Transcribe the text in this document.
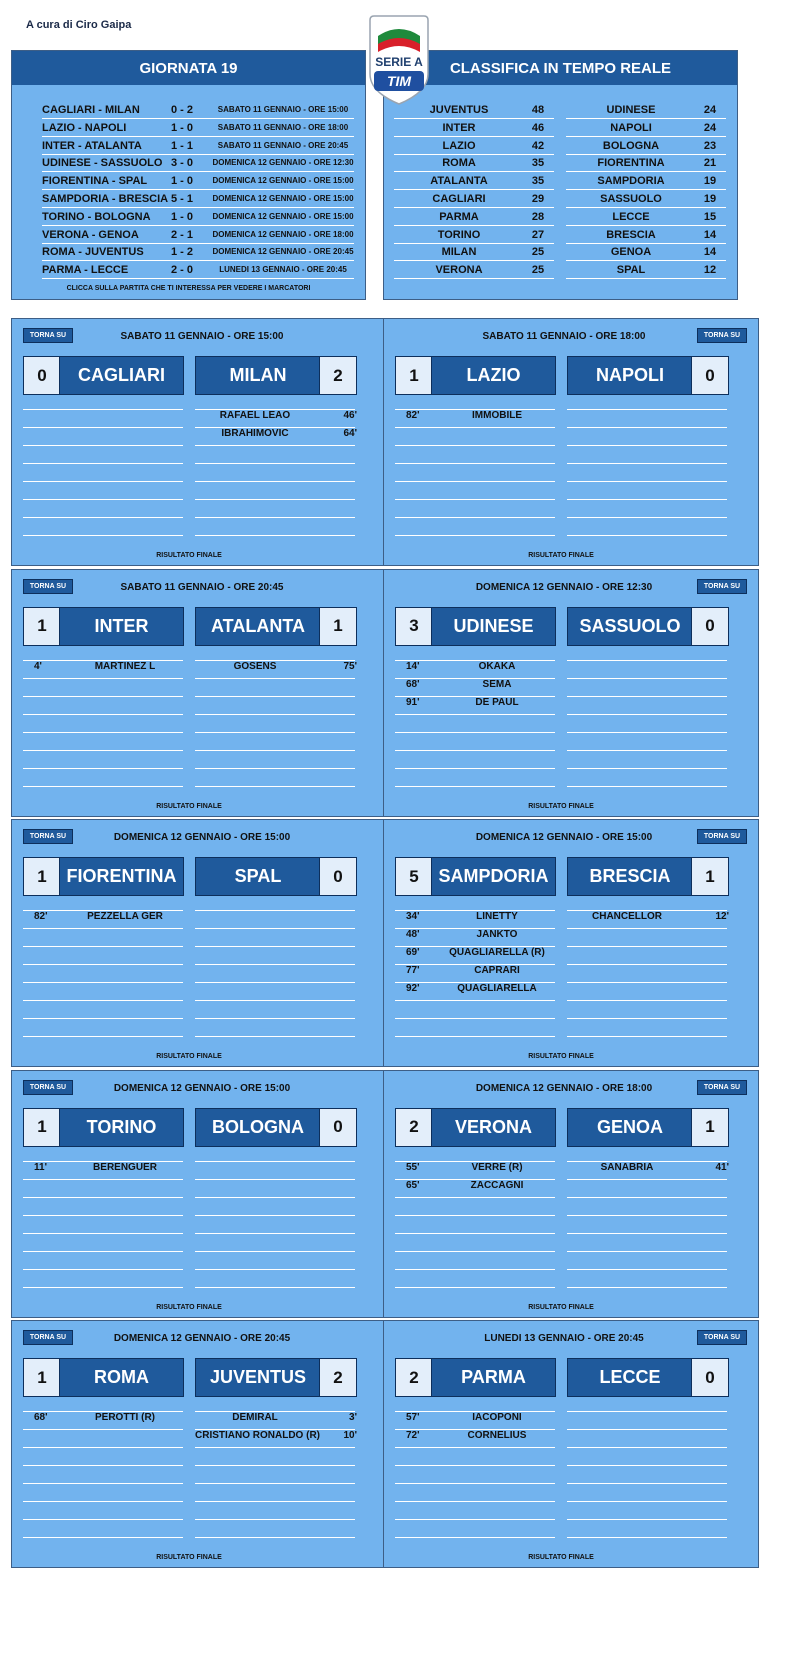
A cura di Ciro Gaipa
GIORNATA 19
CAGLIARI - MILAN	0 - 2	SABATO 11 GENNAIO - ORE 15:00
LAZIO - NAPOLI	1 - 0	SABATO 11 GENNAIO - ORE 18:00
INTER - ATALANTA	1 - 1	SABATO 11 GENNAIO - ORE 20:45
UDINESE - SASSUOLO 3 - 0	DOMENICA 12 GENNAIO - ORE 12:30
FIORENTINA - SPAL	1 - 0	DOMENICA 12 GENNAIO - ORE 15:00
SAMPDORIA - BRESCIA 5 - 1	DOMENICA 12 GENNAIO - ORE 15:00
TORINO - BOLOGNA	1 - 0	DOMENICA 12 GENNAIO - ORE 15:00
VERONA - GENOA	2 - 1	DOMENICA 12 GENNAIO - ORE 18:00
ROMA - JUVENTUS	1 - 2	DOMENICA 12 GENNAIO - ORE 20:45
PARMA - LECCE	2 - 0	LUNEDI 13 GENNAIO - ORE 20:45
CLICCA SULLA PARTITA CHE TI INTERESSA PER VEDERE I MARCATORI
CLASSIFICA IN TEMPO REALE
JUVENTUS	48
INTER	46
LAZIO	42
ROMA	35
ATALANTA	35
CAGLIARI	29
PARMA	28
TORINO	27
MILAN	25
VERONA	25
UDINESE	24
NAPOLI	24
BOLOGNA	23
FIORENTINA	21
SAMPDORIA	19
SASSUOLO	19
LECCE	15
BRESCIA	14
GENOA	14
SPAL	12
SERIE A
TIM
TORNA SU	SABATO 11 GENNAIO - ORE 15:00
0	CAGLIARI	MILAN	2
RAFAEL LEAO	46'
IBRAHIMOVIC	64'
RISULTATO FINALE
TORNA SU
SABATO 11 GENNAIO - ORE 18:00
1	LAZIO	NAPOLI	0
82'	IMMOBILE
RISULTATO FINALE
TORNA SU	SABATO 11 GENNAIO - ORE 20:45
1	INTER	ATALANTA	1
4'	MARTINEZ L	GOSENS	75'
RISULTATO FINALE
TORNA SU
DOMENICA 12 GENNAIO - ORE 12:30
3	UDINESE	SASSUOLO	0
14'	OKAKA
68'	SEMA
91'	DE PAUL
RISULTATO FINALE
TORNA SU	DOMENICA 12 GENNAIO - ORE 15:00
1	FIORENTINA	SPAL	0
82'	PEZZELLA GER
RISULTATO FINALE
TORNA SU
DOMENICA 12 GENNAIO - ORE 15:00
5	SAMPDORIA	BRESCIA	1
34'	LINETTY
48'	JANKTO
69'	QUAGLIARELLA (R)
77'	CAPRARI
92'	QUAGLIARELLA
CHANCELLOR	12'
RISULTATO FINALE
TORNA SU	DOMENICA 12 GENNAIO - ORE 15:00
1	TORINO	BOLOGNA	0
11'	BERENGUER
RISULTATO FINALE
TORNA SU
DOMENICA 12 GENNAIO - ORE 18:00
2	VERONA	GENOA	1
55'	VERRE (R)
65'	ZACCAGNI
SANABRIA	41'
RISULTATO FINALE
TORNA SU	DOMENICA 12 GENNAIO - ORE 20:45
1	ROMA	JUVENTUS	2
68'	PEROTTI (R)	DEMIRAL	3'
CRISTIANO RONALDO (R)	10'
RISULTATO FINALE
TORNA SU
LUNEDI 13 GENNAIO - ORE 20:45
2	PARMA	LECCE	0
57'	IACOPONI
72'	CORNELIUS
RISULTATO FINALE
